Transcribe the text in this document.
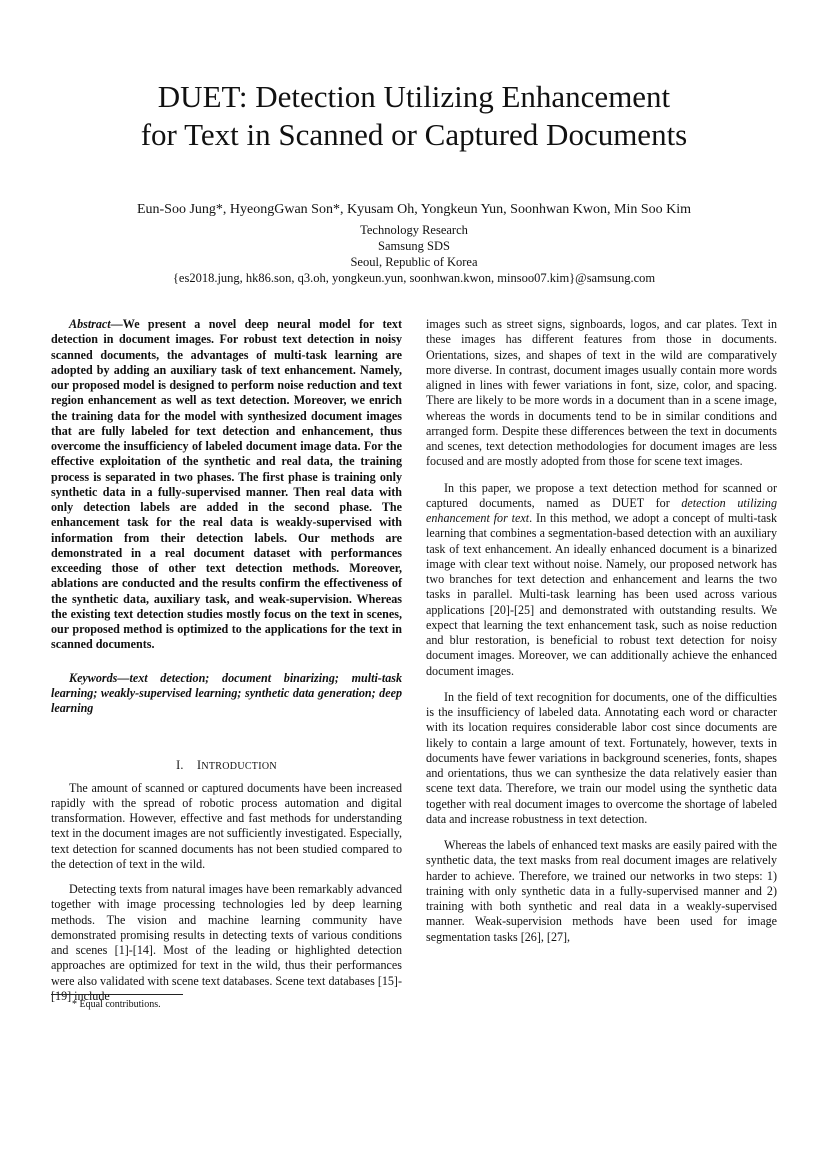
DUET: Detection Utilizing Enhancement
for Text in Scanned or Captured Documents
Eun-Soo Jung*, HyeongGwan Son*, Kyusam Oh, Yongkeun Yun, Soonhwan Kwon, Min Soo Kim
Technology Research
Samsung SDS
Seoul, Republic of Korea
{es2018.jung, hk86.son, q3.oh, yongkeun.yun, soonhwan.kwon, minsoo07.kim}@samsung.com
Abstract—We present a novel deep neural model for text detection in document images. For robust text detection in noisy scanned documents, the advantages of multi-task learning are adopted by adding an auxiliary task of text enhancement. Namely, our proposed model is designed to perform noise reduction and text region enhancement as well as text detection. Moreover, we enrich the training data for the model with synthesized document images that are fully labeled for text detection and enhancement, thus overcome the insufficiency of labeled document image data. For the effective exploitation of the synthetic and real data, the training process is separated in two phases. The first phase is training only synthetic data in a fully-supervised manner. Then real data with only detection labels are added in the second phase. The enhancement task for the real data is weakly-supervised with information from their detection labels. Our methods are demonstrated in a real document dataset with performances exceeding those of other text detection methods. Moreover, ablations are conducted and the results confirm the effectiveness of the synthetic data, auxiliary task, and weak-supervision. Whereas the existing text detection studies mostly focus on the text in scenes, our proposed method is optimized to the applications for the text in scanned documents.
Keywords—text detection; document binarizing; multi-task learning; weakly-supervised learning; synthetic data generation; deep learning
I. INTRODUCTION

The amount of scanned or captured documents have been increased rapidly with the spread of robotic process automation and digital transformation. However, effective and fast methods for understanding text in the document images are not sufficiently investigated. Especially, text detection for scanned documents has not been studied compared to the detection of text in the wild.

Detecting texts from natural images have been remarkably advanced together with image processing technologies led by deep learning methods. The vision and machine learning community have demonstrated promising results in detecting texts of various conditions and scenes [1]-[14]. Most of the leading or highlighted detection approaches are optimized for text in the wild, thus their performances were also validated with scene text databases. Scene text databases [15]-[19] include

images such as street signs, signboards, logos, and car plates. Text in these images has different features from those in documents. Orientations, sizes, and shapes of text in the wild are comparatively more diverse. In contrast, document images usually contain more words aligned in lines with fewer variations in font, size, color, and spacing. There are likely to be more words in a document than in a scene image, whereas the words in documents tend to be in similar conditions and arranged form. Despite these differences between the text in documents and scenes, text detection methodologies for document images are less focused and are mostly adopted from those for scene text images.

In this paper, we propose a text detection method for scanned or captured documents, named as DUET for detection utilizing enhancement for text. In this method, we adopt a concept of multi-task learning that combines a segmentation-based detection with an auxiliary task of text enhancement. An ideally enhanced document is a binarized image with clear text without noise. Namely, our proposed network has two branches for text detection and enhancement and learns the two tasks in parallel. Multi-task learning has been used across various applications [20]-[25] and demonstrated with outstanding results. We expect that learning the text enhancement task, such as noise reduction and blur restoration, is beneficial to robust text detection for noisy document images. Moreover, we can additionally achieve the enhanced document images.

In the field of text recognition for documents, one of the difficulties is the insufficiency of labeled data. Annotating each word or character with its location requires considerable labor cost since documents are likely to contain a large amount of text. Fortunately, however, texts in documents have fewer variations in background sceneries, fonts, shapes and orientations, thus we can synthesize the data relatively easier than scene text data. Therefore, we train our model using the synthetic data together with real document images to overcome the shortage of labeled data and increase robustness in text detection.

Whereas the labels of enhanced text masks are easily paired with the synthetic data, the text masks from real document images are relatively harder to achieve. Therefore, we trained our networks in two steps: 1) training with only synthetic data in a fully-supervised manner and 2) training with both synthetic and real data in a weakly-supervised manner. Weak-supervision methods have been used for image segmentation tasks [26], [27],

* Equal contributions.
